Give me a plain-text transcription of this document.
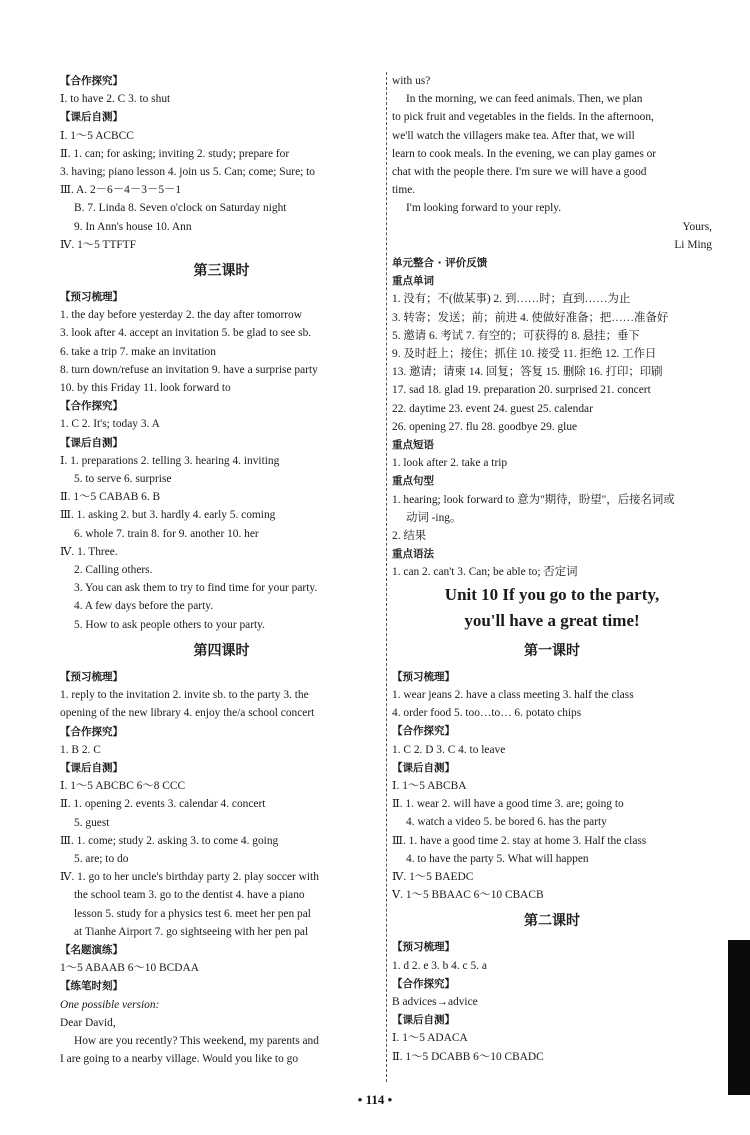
【合作探究】
Ⅰ. to have 2. C 3. to shut
【课后自测】
Ⅰ. 1～5 ACBCC
Ⅱ. 1. can; for asking; inviting 2. study; prepare for
3. having; piano lesson 4. join us 5. Can; come; Sure; to
Ⅲ. A. 2－6－4－3－5－1
B. 7. Linda 8. Seven o'clock on Saturday night
9. In Ann's house 10. Ann
Ⅳ. 1～5 TTFTF
第三课时
【预习梳理】
1. the day before yesterday 2. the day after tomorrow
3. look after 4. accept an invitation 5. be glad to see sb.
6. take a trip 7. make an invitation
8. turn down/refuse an invitation 9. have a surprise party
10. by this Friday 11. look forward to
【合作探究】
1. C 2. It's; today 3. A
【课后自测】
Ⅰ. 1. preparations 2. telling 3. hearing 4. inviting
5. to serve 6. surprise
Ⅱ. 1～5 CABAB 6. B
Ⅲ. 1. asking 2. but 3. hardly 4. early 5. coming
6. whole 7. train 8. for 9. another 10. her
Ⅳ. 1. Three.
2. Calling others.
3. You can ask them to try to find time for your party.
4. A few days before the party.
5. How to ask people others to your party.
第四课时
【预习梳理】
1. reply to the invitation 2. invite sb. to the party 3. the
opening of the new library 4. enjoy the/a school concert
【合作探究】
1. B 2. C
【课后自测】
Ⅰ. 1～5 ABCBC 6～8 CCC
Ⅱ. 1. opening 2. events 3. calendar 4. concert
5. guest
Ⅲ. 1. come; study 2. asking 3. to come 4. going
5. are; to do
Ⅳ. 1. go to her uncle's birthday party 2. play soccer with
the school team 3. go to the dentist 4. have a piano
lesson 5. study for a physics test 6. meet her pen pal
at Tianhe Airport 7. go sightseeing with her pen pal
【名题演练】
1～5 ABAAB 6～10 BCDAA
【练笔时刻】
One possible version:
Dear David,
How are you recently? This weekend, my parents and
I are going to a nearby village. Would you like to go
with us?
In the morning, we can feed animals. Then, we plan
to pick fruit and vegetables in the fields. In the afternoon,
we'll watch the villagers make tea. After that, we will
learn to cook meals. In the evening, we can play games or
chat with the people there. I'm sure we will have a good
time.
I'm looking forward to your reply.
Yours,
Li Ming
单元整合 · 评价反馈
重点单词
1. 没有；不(做某事) 2. 到……时；直到……为止
3. 转寄；发送；前；前进 4. 使做好准备；把……准备好
5. 邀请 6. 考试 7. 有空的；可获得的 8. 悬挂；垂下
9. 及时赶上；接住；抓住 10. 接受 11. 拒绝 12. 工作日
13. 邀请；请柬 14. 回复；答复 15. 删除 16. 打印；印刷
17. sad 18. glad 19. preparation 20. surprised 21. concert
22. daytime 23. event 24. guest 25. calendar
26. opening 27. flu 28. goodbye 29. glue
重点短语
1. look after 2. take a trip
重点句型
1. hearing; look forward to 意为"期待，盼望"，后接名词或
动词 -ing。
2. 结果
重点语法
1. can 2. can't 3. Can; be able to; 否定词
Unit 10 If you go to the party,
you'll have a great time!
第一课时
【预习梳理】
1. wear jeans 2. have a class meeting 3. half the class
4. order food 5. too…to… 6. potato chips
【合作探究】
1. C 2. D 3. C 4. to leave
【课后自测】
Ⅰ. 1～5 ABCBA
Ⅱ. 1. wear 2. will have a good time 3. are; going to
4. watch a video 5. be bored 6. has the party
Ⅲ. 1. have a good time 2. stay at home 3. Half the class
4. to have the party 5. What will happen
Ⅳ. 1～5 BAEDC
Ⅴ. 1～5 BBAAC 6～10 CBACB
第二课时
【预习梳理】
1. d 2. e 3. b 4. c 5. a
【合作探究】
B advices→advice
【课后自测】
Ⅰ. 1～5 ADACA
Ⅱ. 1～5 DCABB 6～10 CBADC
• 114 •
